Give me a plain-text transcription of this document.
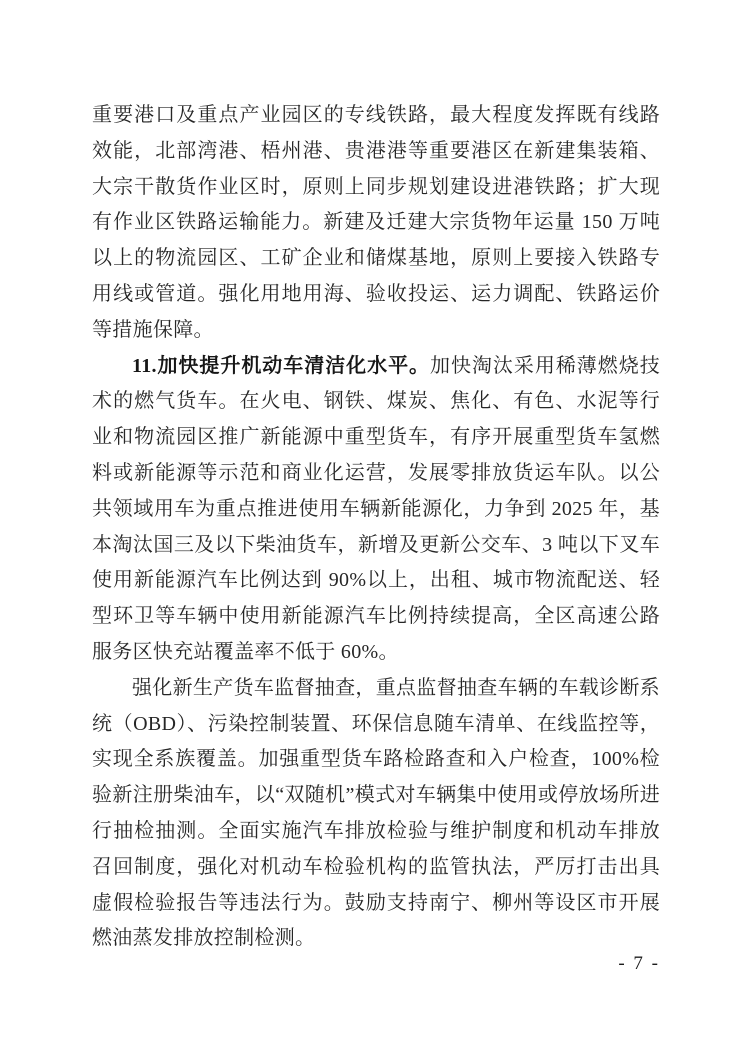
重要港口及重点产业园区的专线铁路，最大程度发挥既有线路效能，北部湾港、梧州港、贵港港等重要港区在新建集装箱、大宗干散货作业区时，原则上同步规划建设进港铁路；扩大现有作业区铁路运输能力。新建及迁建大宗货物年运量 150 万吨以上的物流园区、工矿企业和储煤基地，原则上要接入铁路专用线或管道。强化用地用海、验收投运、运力调配、铁路运价等措施保障。

11.加快提升机动车清洁化水平。加快淘汰采用稀薄燃烧技术的燃气货车。在火电、钢铁、煤炭、焦化、有色、水泥等行业和物流园区推广新能源中重型货车，有序开展重型货车氢燃料或新能源等示范和商业化运营，发展零排放货运车队。以公共领域用车为重点推进使用车辆新能源化，力争到 2025 年，基本淘汰国三及以下柴油货车，新增及更新公交车、3 吨以下叉车使用新能源汽车比例达到 90%以上，出租、城市物流配送、轻型环卫等车辆中使用新能源汽车比例持续提高，全区高速公路服务区快充站覆盖率不低于 60%。

强化新生产货车监督抽查，重点监督抽查车辆的车载诊断系统（OBD）、污染控制装置、环保信息随车清单、在线监控等，实现全系族覆盖。加强重型货车路检路查和入户检查，100%检验新注册柴油车，以“双随机”模式对车辆集中使用或停放场所进行抽检抽测。全面实施汽车排放检验与维护制度和机动车排放召回制度，强化对机动车检验机构的监管执法，严厉打击出具虚假检验报告等违法行为。鼓励支持南宁、柳州等设区市开展燃油蒸发排放控制检测。

- 7 -
